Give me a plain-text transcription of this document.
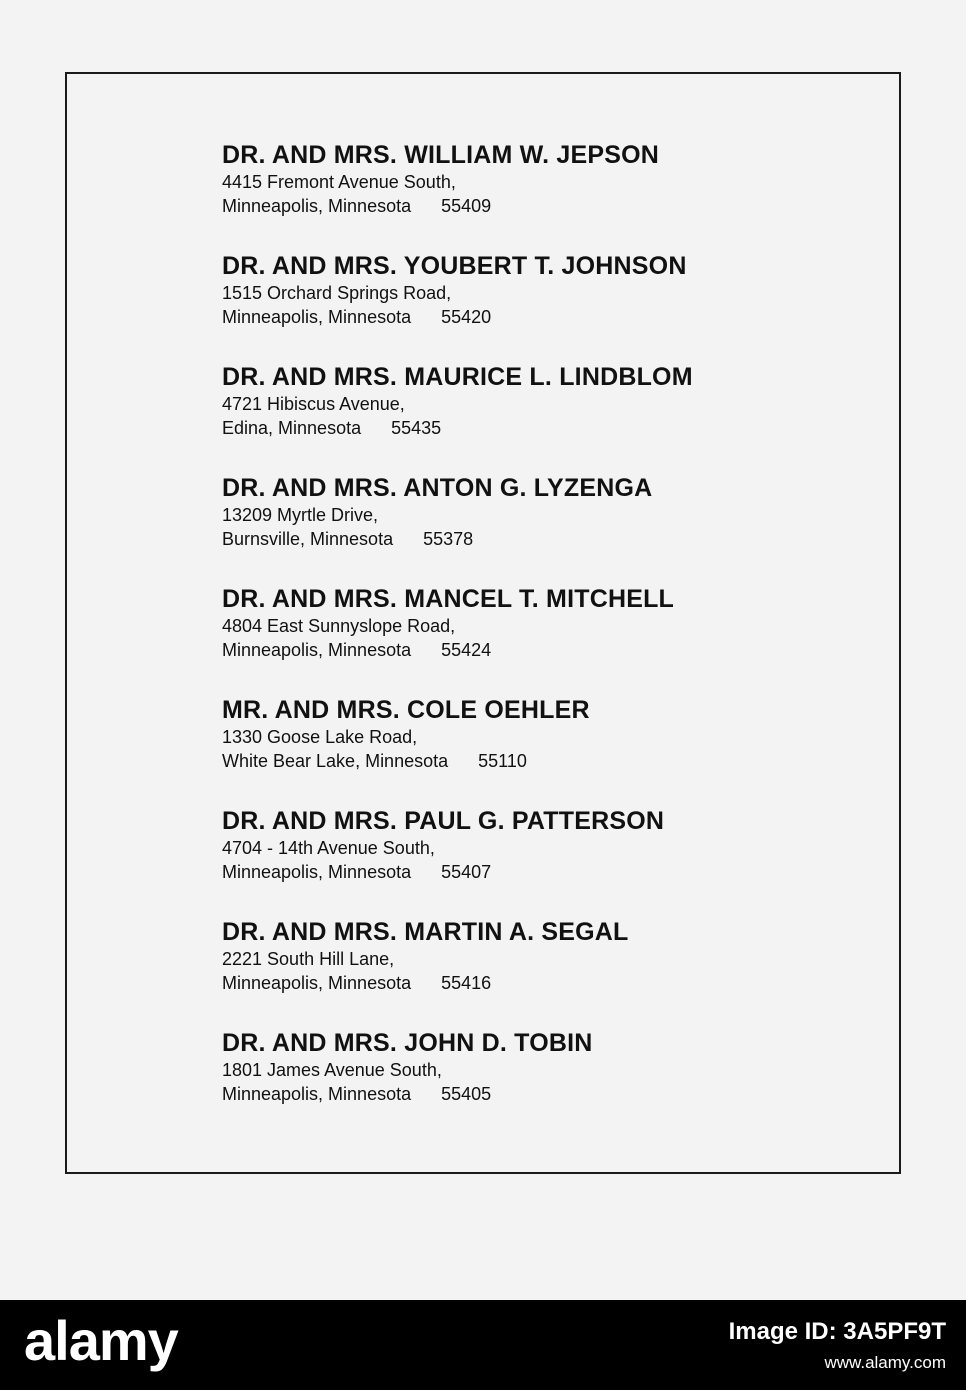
DR. AND MRS. WILLIAM W. JEPSON
4415 Fremont Avenue South,
Minneapolis, Minnesota 55409
DR. AND MRS. YOUBERT T. JOHNSON
1515 Orchard Springs Road,
Minneapolis, Minnesota 55420
DR. AND MRS. MAURICE L. LINDBLOM
4721 Hibiscus Avenue,
Edina, Minnesota 55435
DR. AND MRS. ANTON G. LYZENGA
13209 Myrtle Drive,
Burnsville, Minnesota 55378
DR. AND MRS. MANCEL T. MITCHELL
4804 East Sunnyslope Road,
Minneapolis, Minnesota 55424
MR. AND MRS. COLE OEHLER
1330 Goose Lake Road,
White Bear Lake, Minnesota 55110
DR. AND MRS. PAUL G. PATTERSON
4704 - 14th Avenue South,
Minneapolis, Minnesota 55407
DR. AND MRS. MARTIN A. SEGAL
2221 South Hill Lane,
Minneapolis, Minnesota 55416
DR. AND MRS. JOHN D. TOBIN
1801 James Avenue South,
Minneapolis, Minnesota 55405
alamy	Image ID: 3A5PF9T
www.alamy.com
